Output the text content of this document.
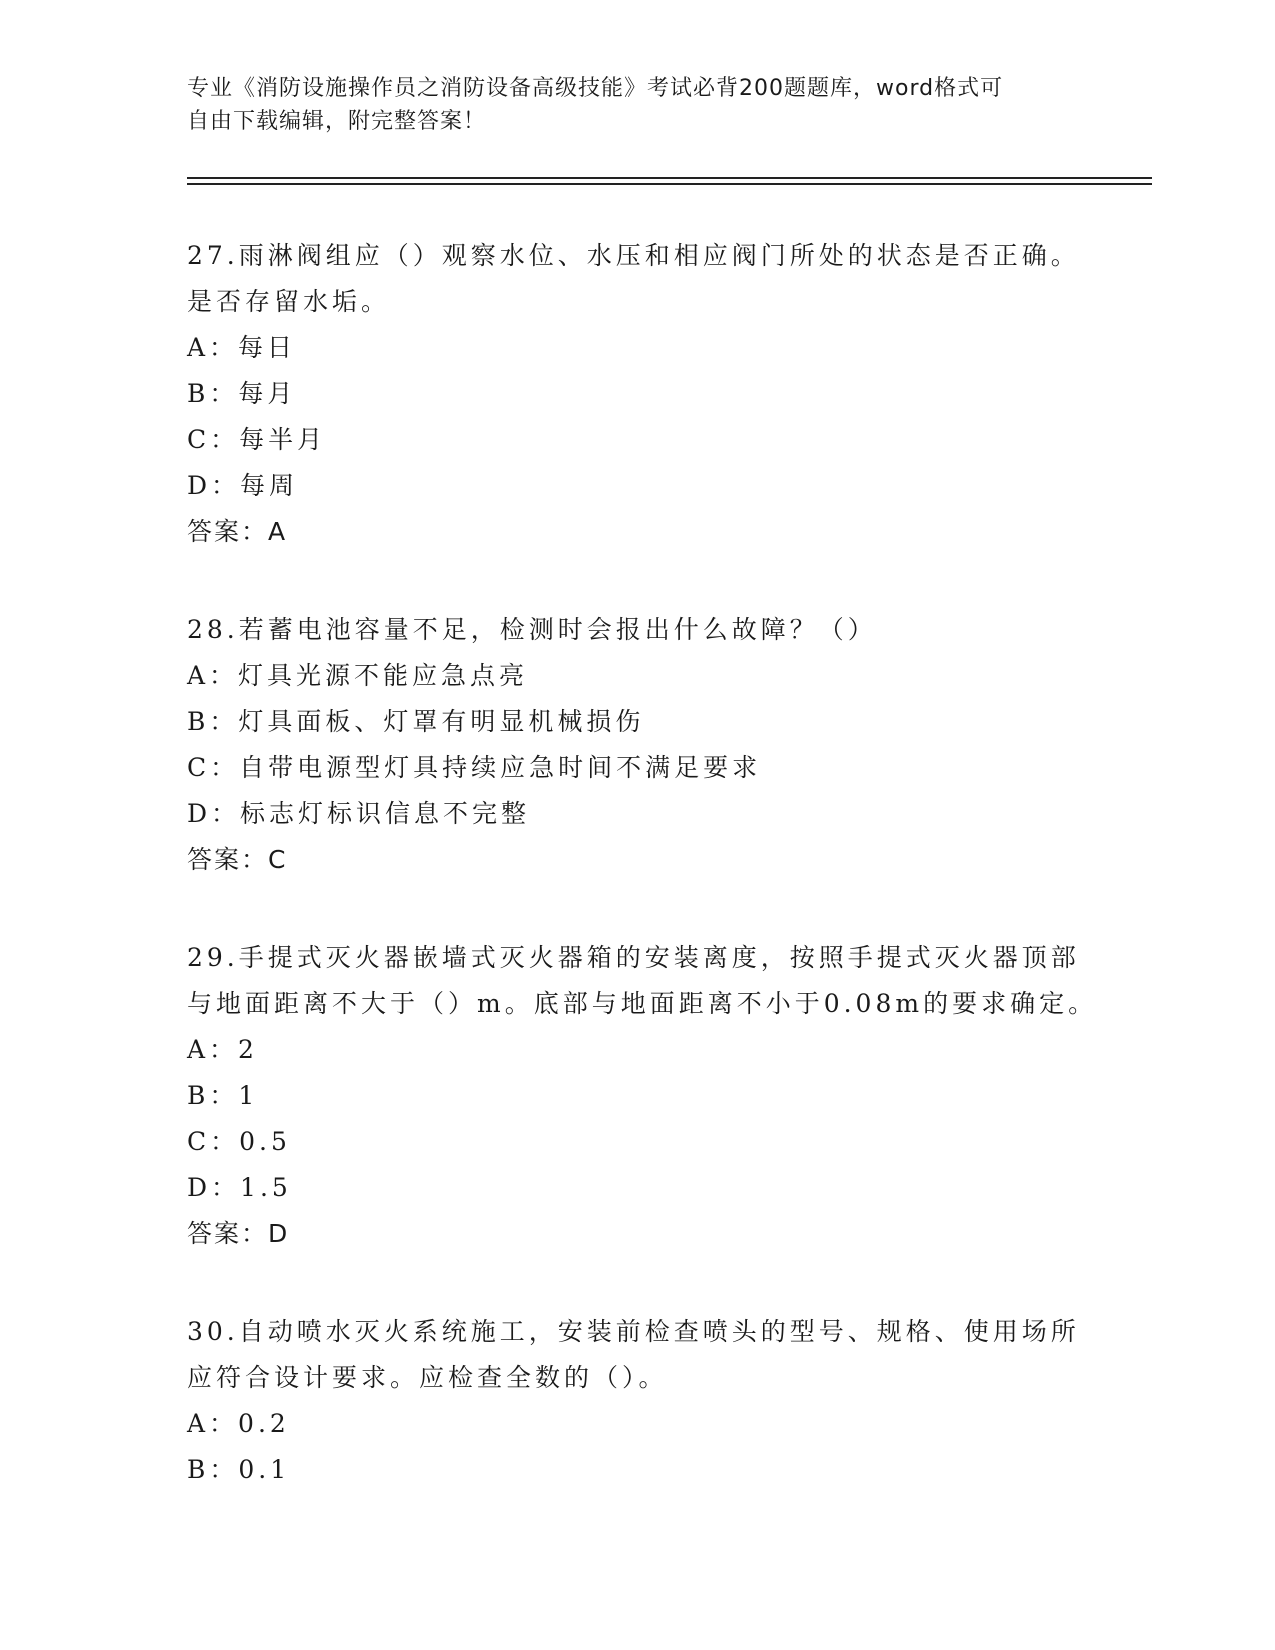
专业《消防设施操作员之消防设备高级技能》考试必背200题题库，word格式可
自由下载编辑，附完整答案！

27.雨淋阀组应（）观察水位、水压和相应阀门所处的状态是否正确。

是否存留水垢。

A：每日

B：每月

C：每半月

D：每周

答案：A

28.若蓄电池容量不足，检测时会报出什么故障？（）

A：灯具光源不能应急点亮

B：灯具面板、灯罩有明显机械损伤

C：自带电源型灯具持续应急时间不满足要求

D：标志灯标识信息不完整

答案：C

29.手提式灭火器嵌墙式灭火器箱的安装离度，按照手提式灭火器顶部

与地面距离不大于（）m。底部与地面距离不小于0.08m的要求确定。

A：2

B：1

C：0.5

D：1.5

答案：D

30.自动喷水灭火系统施工，安装前检查喷头的型号、规格、使用场所

应符合设计要求。应检查全数的（）。

A：0.2

B：0.1
